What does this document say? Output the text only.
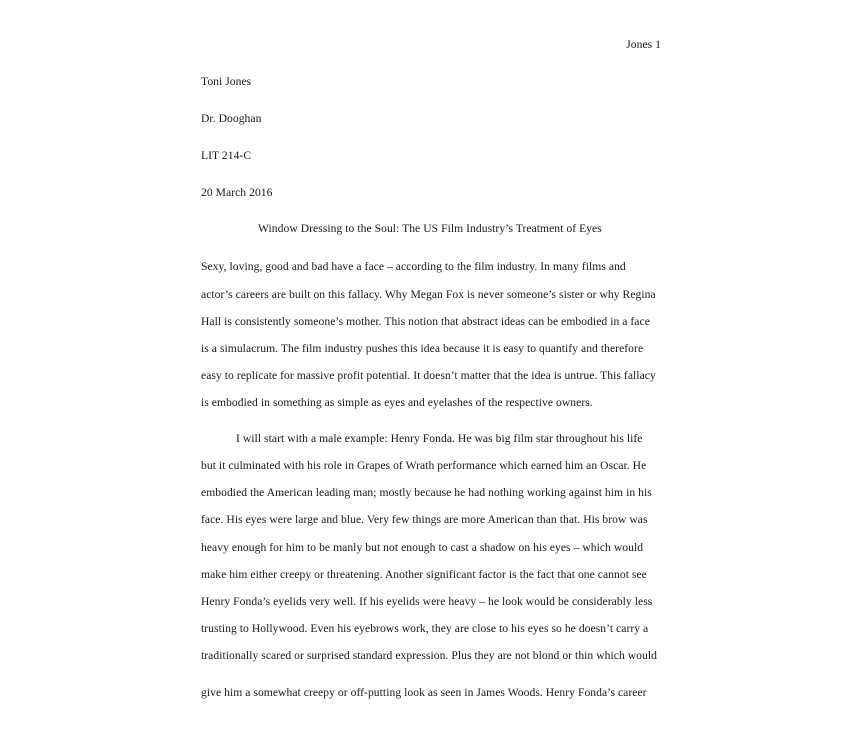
Jones 1
Toni Jones
Dr. Dooghan
LIT 214-C
20 March 2016
Window Dressing to the Soul: The US Film Industry’s Treatment of Eyes
Sexy, loving, good and bad have a face – according to the film industry. In many films and
actor’s careers are built on this fallacy. Why Megan Fox is never someone’s sister or why Regina
Hall is consistently someone’s mother. This notion that abstract ideas can be embodied in a face
is a simulacrum. The film industry pushes this idea because it is easy to quantify and therefore
easy to replicate for massive profit potential. It doesn’t matter that the idea is untrue. This fallacy
is embodied in something as simple as eyes and eyelashes of the respective owners.
I will start with a male example: Henry Fonda. He was big film star throughout his life
but it culminated with his role in Grapes of Wrath performance which earned him an Oscar. He
embodied the American leading man; mostly because he had nothing working against him in his
face. His eyes were large and blue. Very few things are more American than that. His brow was
heavy enough for him to be manly but not enough to cast a shadow on his eyes – which would
make him either creepy or threatening. Another significant factor is the fact that one cannot see
Henry Fonda’s eyelids very well. If his eyelids were heavy – he look would be considerably less
trusting to Hollywood. Even his eyebrows work, they are close to his eyes so he doesn’t carry a
traditionally scared or surprised standard expression. Plus they are not blond or thin which would
give him a somewhat creepy or off-putting look as seen in James Woods. Henry Fonda’s career
